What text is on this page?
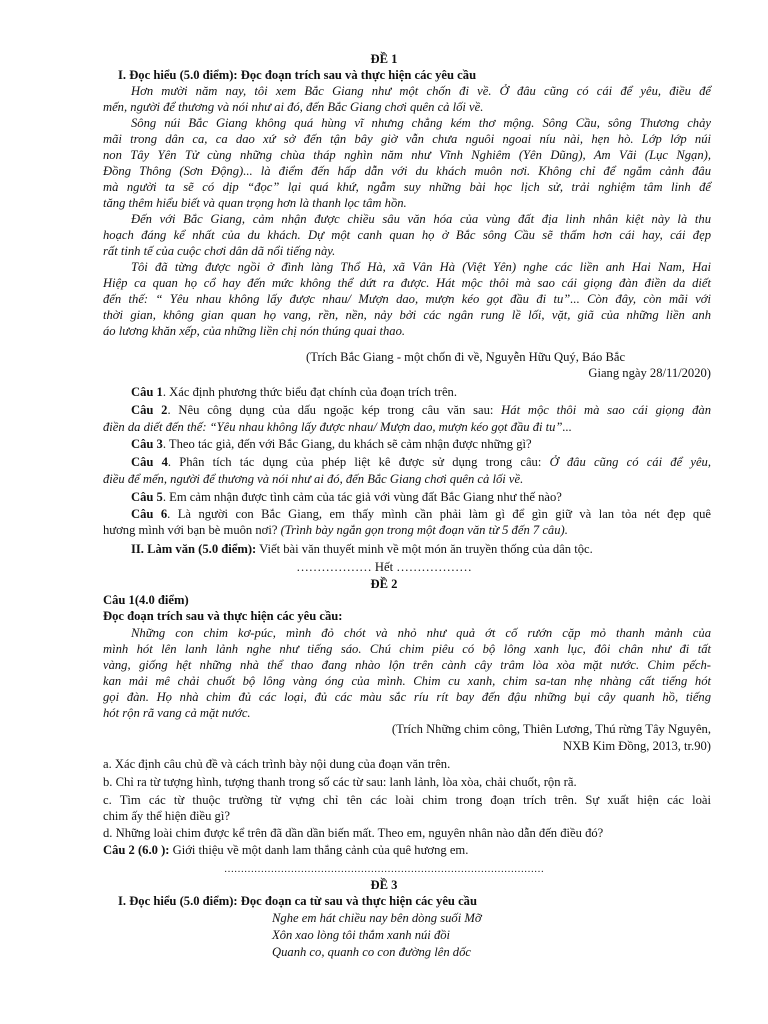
ĐỀ 1
I. Đọc hiểu (5.0 điểm): Đọc đoạn trích sau và thực hiện các yêu cầu
Hơn mười năm nay, tôi xem Bắc Giang như một chốn đi về. Ở đâu cũng có cái để yêu, điều để
mến, người để thương và nói như ai đó, đến Bắc Giang chơi quên cả lối về.
Sông núi Bắc Giang không quá hùng vĩ nhưng chẳng kém thơ mộng. Sông Cầu, sông Thương chảy
mãi trong dân ca, ca dao xứ sở đến tận bây giờ vẫn chưa nguôi ngoai níu nài, hẹn hò. Lớp lớp núi
non Tây Yên Tử cùng những chùa tháp nghìn năm như Vĩnh Nghiêm (Yên Dũng), Am Vãi (Lục Ngạn),
Đồng Thông (Sơn Động)... là điểm đến hấp dẫn với du khách muôn nơi. Không chỉ để ngắm cảnh đâu
mà người ta sẽ có dịp “đọc” lại quá khứ, ngẫm suy những bài học lịch sử, trải nghiệm tâm linh để
tăng thêm hiểu biết và quan trọng hơn là thanh lọc tâm hồn.
Đến với Bắc Giang, cảm nhận được chiều sâu văn hóa của vùng đất địa linh nhân kiệt này là thu
hoạch đáng kể nhất của du khách. Dự một canh quan họ ở Bắc sông Cầu sẽ thấm hơn cái hay, cái đẹp
rất tinh tế của cuộc chơi dân dã nổi tiếng này.
Tôi đã từng được ngồi ở đình làng Thổ Hà, xã Vân Hà (Việt Yên) nghe các liền anh Hai Nam, Hai
Hiệp ca quan họ cổ hay đến mức không thể dứt ra được. Hát mộc thôi mà sao cái giọng đàn điền da diết
đến thế: “ Yêu nhau không lấy được nhau/ Mượn dao, mượn kéo gọt đầu đi tu”... Còn đây, còn mãi với
thời gian, không gian quan họ vang, rền, nền, nảy bởi các ngân rung lề lối, vặt, giã của những liền anh
áo lương khăn xếp, của những liền chị nón thúng quai thao.
(Trích Bắc Giang - một chốn đi về, Nguyễn Hữu Quý, Báo Bắc
Giang ngày 28/11/2020)
Câu 1. Xác định phương thức biểu đạt chính của đoạn trích trên.
Câu 2. Nêu công dụng của dấu ngoặc kép trong câu văn sau: Hát mộc thôi mà sao cái giọng đàn
điền da diết đến thế: “Yêu nhau không lấy được nhau/ Mượn dao, mượn kéo gọt đầu đi tu”...
Câu 3. Theo tác giả, đến với Bắc Giang, du khách sẽ cảm nhận được những gì?
Câu 4. Phân tích tác dụng của phép liệt kê được sử dụng trong câu: Ở đâu cũng có cái để yêu,
điều để mến, người để thương và nói như ai đó, đến Bắc Giang chơi quên cả lối về.
Câu 5. Em cảm nhận được tình cảm của tác giả với vùng đất Bắc Giang như thế nào?
Câu 6. Là người con Bắc Giang, em thấy mình cần phải làm gì để gìn giữ và lan tỏa nét đẹp quê
hương mình với bạn bè muôn nơi? (Trình bày ngắn gọn trong một đoạn văn từ 5 đến 7 câu).
II. Làm văn (5.0 điểm): Viết bài văn thuyết minh về một món ăn truyền thống của dân tộc.
……………… Hết ………………
ĐỀ 2
Câu 1(4.0 điểm)
Đọc đoạn trích sau và thực hiện các yêu cầu:
Những con chim kơ-púc, mình đỏ chót và nhỏ như quả ớt cố rướn cặp mỏ thanh mảnh của
mình hót lên lanh lảnh nghe như tiếng sáo. Chú chim piêu có bộ lông xanh lục, đôi chân như đi tất
vàng, giống hệt những nhà thể thao đang nhào lộn trên cành cây trâm lòa xòa mặt nước. Chim pếch-
kan mải mê chải chuốt bộ lông vàng óng của mình. Chim cu xanh, chim sa-tan nhẹ nhàng cất tiếng hót
gọi đàn. Họ nhà chim đủ các loại, đủ các màu sắc ríu rít bay đến đậu những bụi cây quanh hồ, tiếng
hót rộn rã vang cả mặt nước.
(Trích Những chim công, Thiên Lương, Thú rừng Tây Nguyên,
NXB Kim Đồng, 2013, tr.90)
a. Xác định câu chủ đề và cách trình bày nội dung của đoạn văn trên.
b. Chỉ ra từ tượng hình, tượng thanh trong số các từ sau: lanh lảnh, lòa xòa, chải chuốt, rộn rã.
c. Tìm các từ thuộc trường từ vựng chỉ tên các loài chim trong đoạn trích trên. Sự xuất hiện các loài
chim ấy thể hiện điều gì?
d. Những loài chim được kể trên đã dần dần biến mất. Theo em, nguyên nhân nào dẫn đến điều đó?
Câu 2 (6.0 ): Giới thiệu về một danh lam thắng cảnh của quê hương em.
……………………………………………………………………………………
ĐỀ 3
I. Đọc hiểu (5.0 điểm): Đọc đoạn ca từ sau và thực hiện các yêu cầu
Nghe em hát chiều nay bên dòng suối Mỡ
Xôn xao lòng tôi thắm xanh núi đồi
Quanh co, quanh co con đường lên dốc
